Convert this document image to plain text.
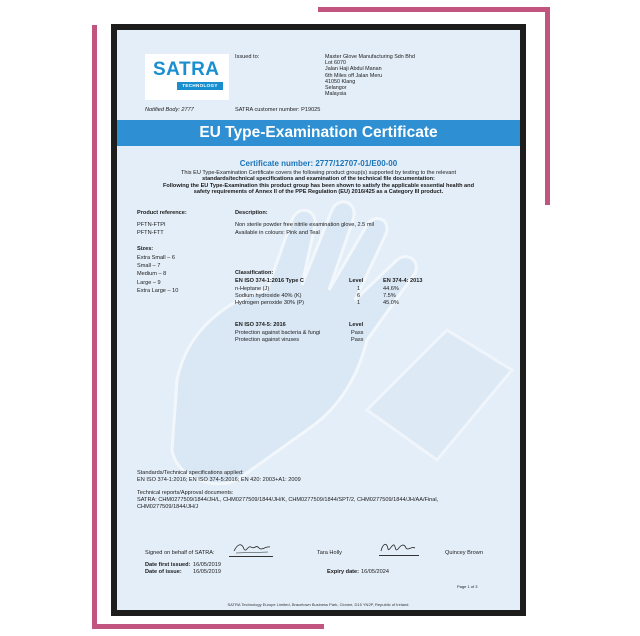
SATRA
TECHNOLOGY
Issued to:	Maxter Glove Manufacturing Sdn Bhd
Lot 6070
Jalan Haji Abdul Manan
6th Miles off Jalan Meru
41050 Klang
Selangor
Malaysia
Notified Body: 2777	SATRA customer number: P19025
EU Type-Examination Certificate
Certificate number: 2777/12707-01/E00-00
This EU Type-Examination Certificate covers the following product group(s) supported by testing to the relevant
standards/technical specifications and examination of the technical file documentation:
Following the EU Type-Examination this product group has been shown to satisfy the applicable essential health and
safety requirements of Annex II of the PPE Regulation (EU) 2016/425 as a Category III product.
Product reference:
PFTN-FTPI
PFTN-FTT
Description:
Non sterile powder free nitrile examination glove, 2.5 mil
Available in colours: Pink and Teal
Sizes:
Extra Small – 6
Small – 7
Medium – 8
Large – 9
Extra Large – 10
Classification:
EN ISO 374-1:2016 Type C	Level	EN 374-4: 2013
n-Heptane (J)	1	44.6%
Sodium hydroxide 40% (K)	6	7.5%
Hydrogen peroxide 30% (P)	1	45.0%
EN ISO 374-5: 2016	Level
Protection against bacteria & fungi	Pass
Protection against viruses	Pass
Standards/Technical specifications applied:
EN ISO 374-1:2016; EN ISO 374-5:2016; EN 420: 2003+A1: 2009
Technical reports/Approval documents:
SATRA: CHM0277509/1844/JH/L, CHM0277509/1844/JH/K, CHM0277509/1844/SPT/2, CHM0277509/1844/JH/AA/Final,
CHM0277509/1844/JH/J
Signed on behalf of SATRA:	Tara Holly	Quincey Brown
Date first issued: 16/05/2019
Date of issue: 16/05/2019	Expiry date: 16/05/2024
Page 1 of 3
SATRA Technology Europe Limited, Bracetown Business Park, Clonee, D15 YN2P, Republic of Ireland.
